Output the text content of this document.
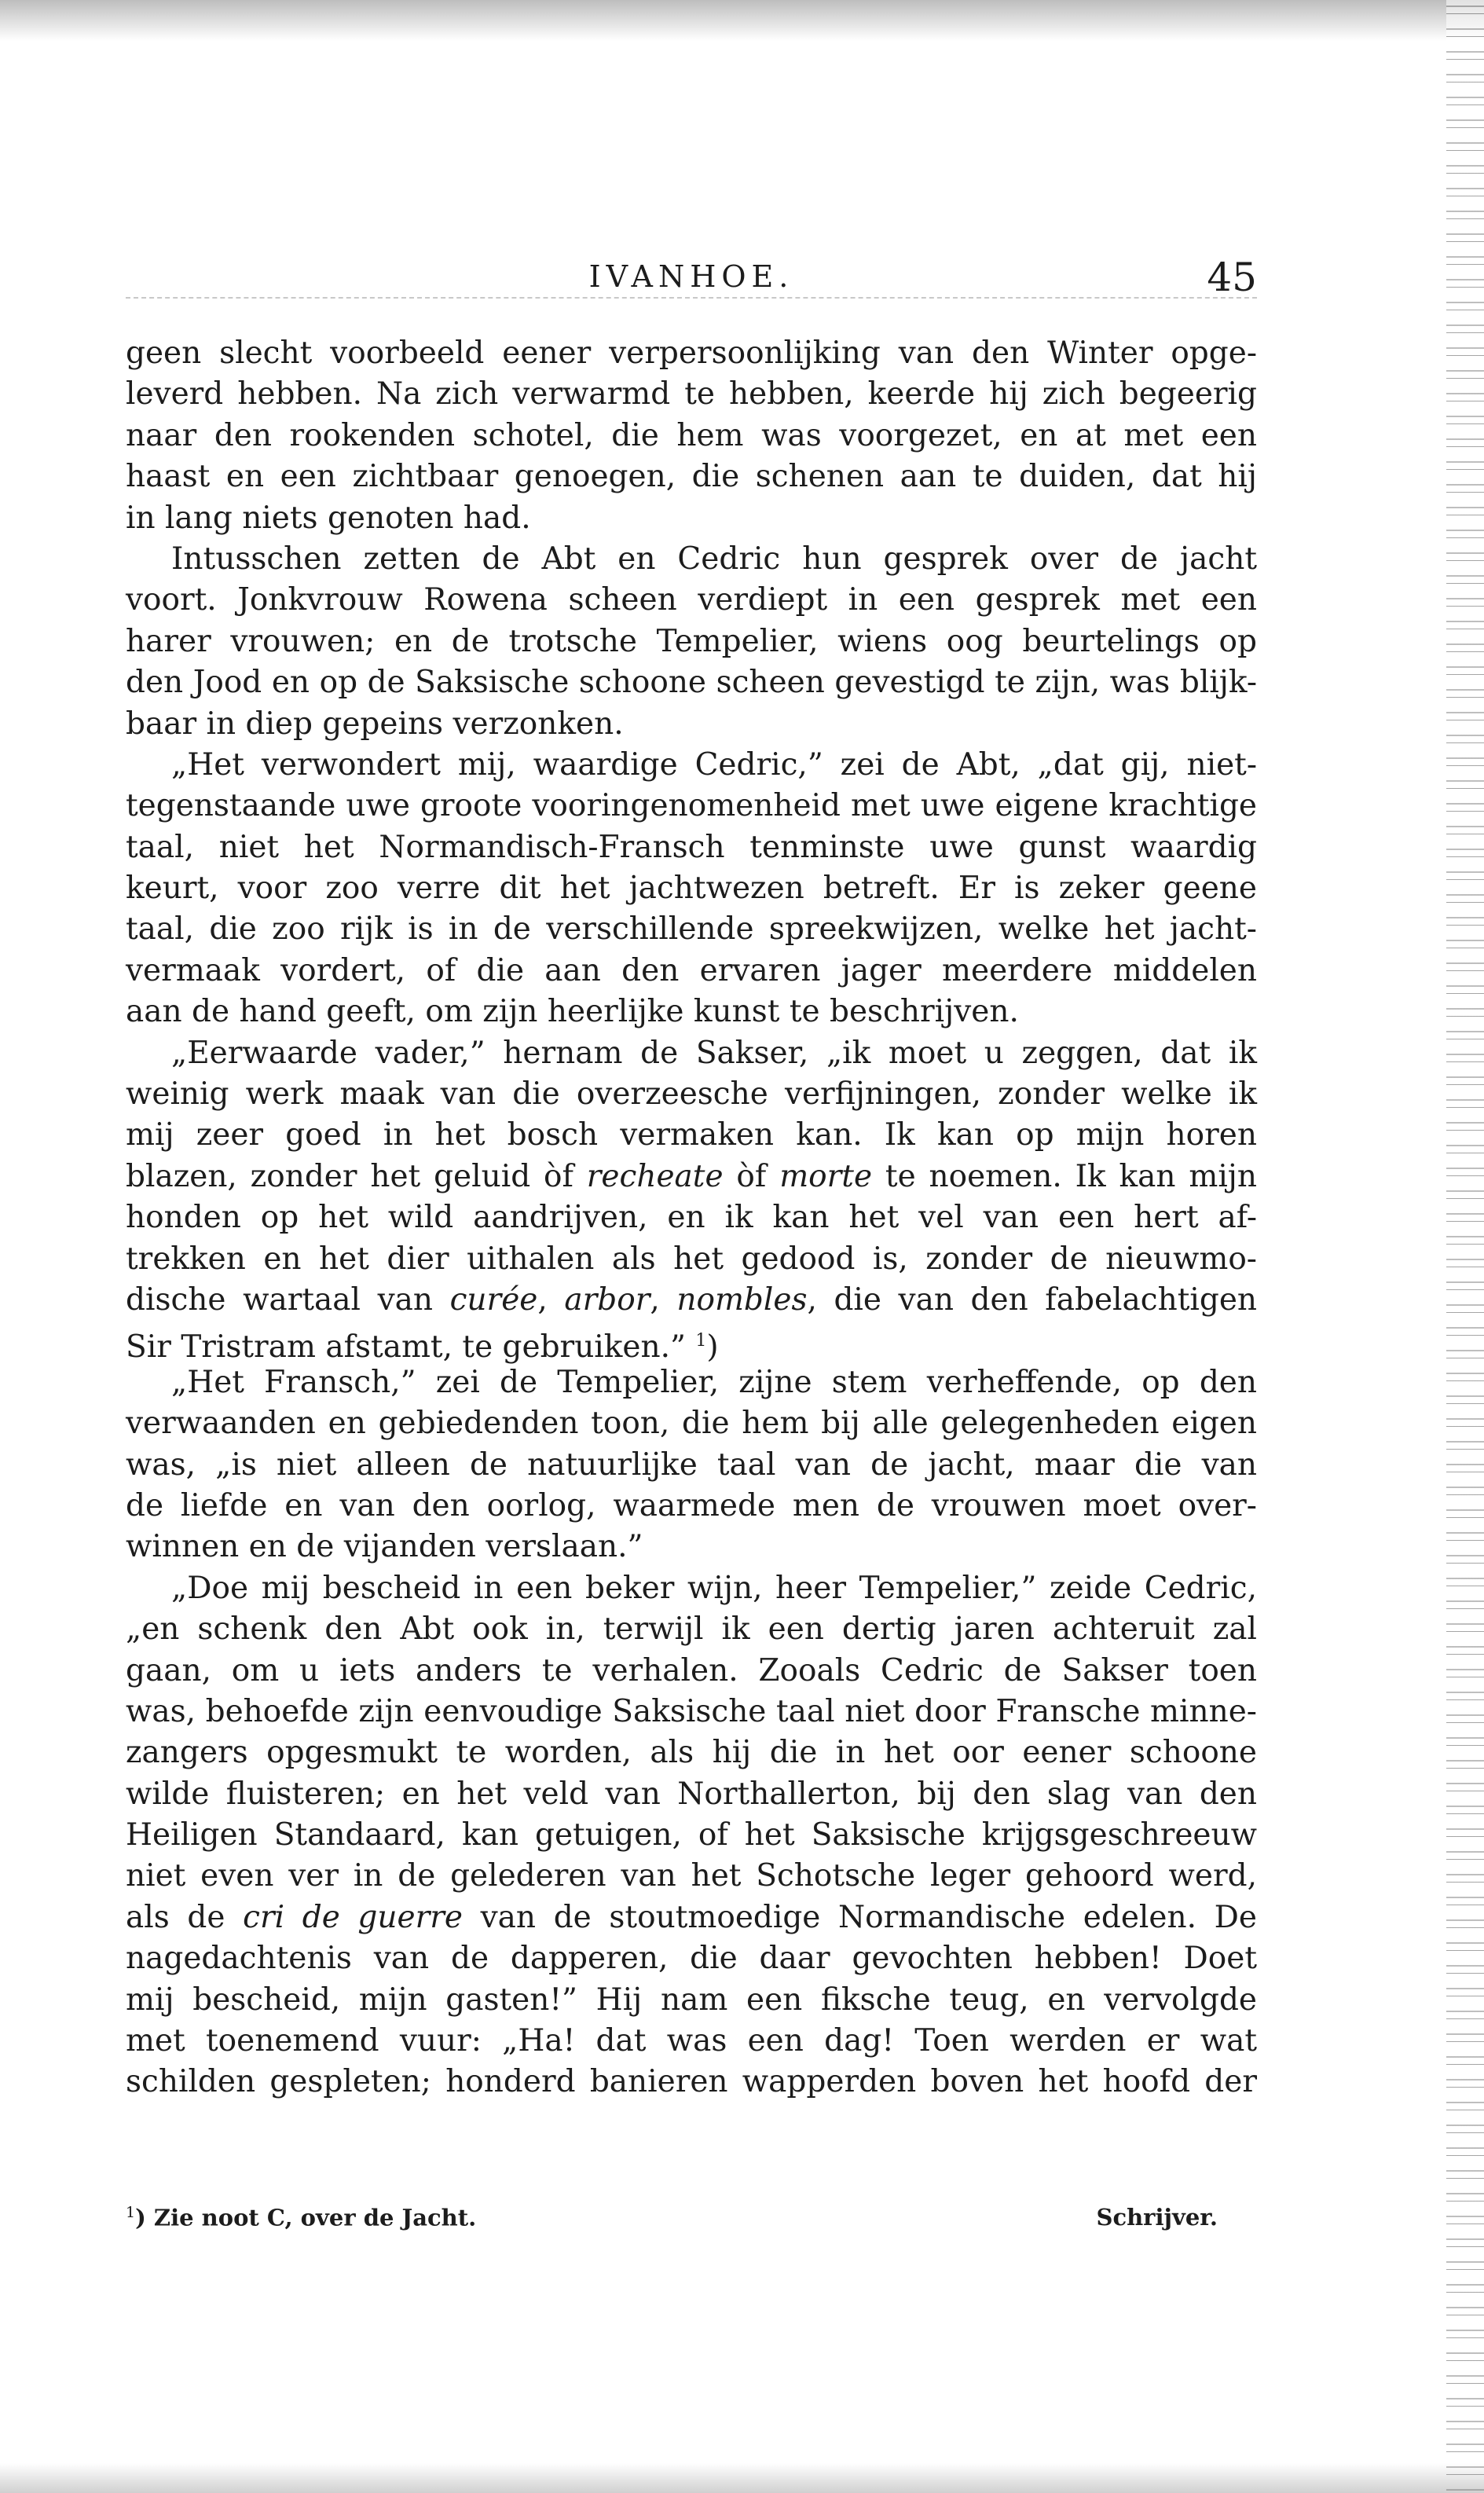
IVANHOE.	45
geen slecht voorbeeld eener verpersoonlijking van den Winter opge-
leverd hebben. Na zich verwarmd te hebben, keerde hij zich begeerig
naar den rookenden schotel, die hem was voorgezet, en at met een
haast en een zichtbaar genoegen, die schenen aan te duiden, dat hij
in lang niets genoten had.
Intusschen zetten de Abt en Cedric hun gesprek over de jacht
voort. Jonkvrouw Rowena scheen verdiept in een gesprek met een
harer vrouwen; en de trotsche Tempelier, wiens oog beurtelings op
den Jood en op de Saksische schoone scheen gevestigd te zijn, was blijk-
baar in diep gepeins verzonken.
„Het verwondert mij, waardige Cedric,” zei de Abt, „dat gij, niet-
tegenstaande uwe groote vooringenomenheid met uwe eigene krachtige
taal, niet het Normandisch-Fransch tenminste uwe gunst waardig
keurt, voor zoo verre dit het jachtwezen betreft. Er is zeker geene
taal, die zoo rijk is in de verschillende spreekwijzen, welke het jacht-
vermaak vordert, of die aan den ervaren jager meerdere middelen
aan de hand geeft, om zijn heerlijke kunst te beschrijven.
„Eerwaarde vader,” hernam de Sakser, „ik moet u zeggen, dat ik
weinig werk maak van die overzeesche verfijningen, zonder welke ik
mij zeer goed in het bosch vermaken kan. Ik kan op mijn horen
blazen, zonder het geluid òf recheate òf morte te noemen. Ik kan mijn
honden op het wild aandrijven, en ik kan het vel van een hert af-
trekken en het dier uithalen als het gedood is, zonder de nieuwmo-
dische wartaal van curée, arbor, nombles, die van den fabelachtigen
Sir Tristram afstamt, te gebruiken.” $^1$)
„Het Fransch,” zei de Tempelier, zijne stem verheffende, op den
verwaanden en gebiedenden toon, die hem bij alle gelegenheden eigen
was, „is niet alleen de natuurlijke taal van de jacht, maar die van
de liefde en van den oorlog, waarmede men de vrouwen moet over-
winnen en de vijanden verslaan.”
„Doe mij bescheid in een beker wijn, heer Tempelier,” zeide Cedric,
„en schenk den Abt ook in, terwijl ik een dertig jaren achteruit zal
gaan, om u iets anders te verhalen. Zooals Cedric de Sakser toen
was, behoefde zijn eenvoudige Saksische taal niet door Fransche minne-
zangers opgesmukt te worden, als hij die in het oor eener schoone
wilde fluisteren; en het veld van Northallerton, bij den slag van den
Heiligen Standaard, kan getuigen, of het Saksische krijgsgeschreeuw
niet even ver in de gelederen van het Schotsche leger gehoord werd,
als de cri de guerre van de stoutmoedige Normandische edelen. De
nagedachtenis van de dapperen, die daar gevochten hebben! Doet
mij bescheid, mijn gasten!” Hij nam een fiksche teug, en vervolgde
met toenemend vuur: „Ha! dat was een dag! Toen werden er wat
schilden gespleten; honderd banieren wapperden boven het hoofd der
$^1$) Zie noot C, over de Jacht.	Schrijver.
